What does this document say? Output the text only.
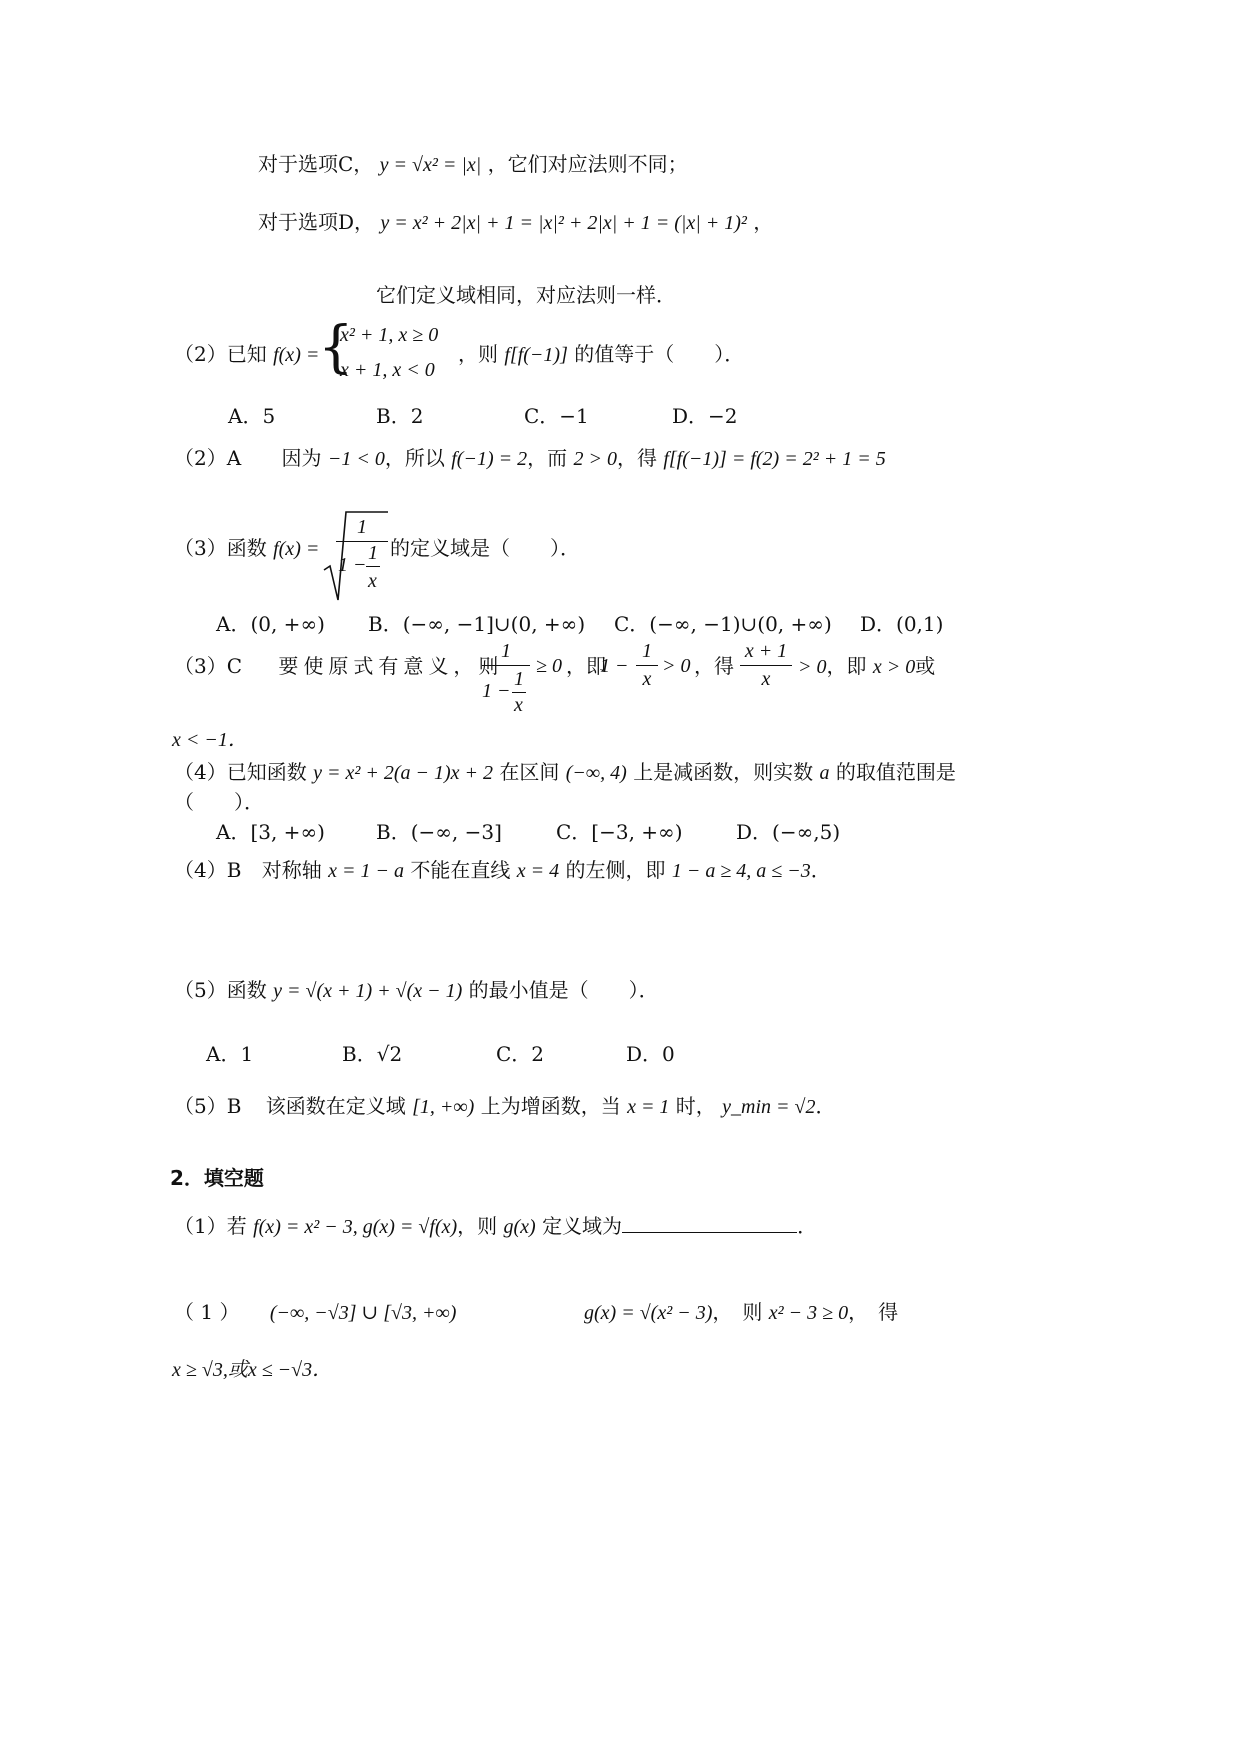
对于选项C， y = √x² = |x| ，它们对应法则不同；
对于选项D， y = x² + 2|x| + 1 = |x|² + 2|x| + 1 = (|x| + 1)² ，
它们定义域相同，对应法则一样．
（2）已知 f(x) =
{
x² + 1, x ≥ 0
x + 1, x < 0
，则 f[f(−1)] 的值等于（　　）．
A．5	B．2	C．−1	D．−2
（2）A 因为 −1 < 0，所以 f(−1) = 2，而 2 > 0，得 f[f(−1)] = f(2) = 2² + 1 = 5
（3）函数 f(x) =
1
1 −
1
x
的定义域是（　　）．
A．(0, +∞) B．(−∞, −1]∪(0, +∞) C．(−∞, −1)∪(0, +∞) D．(0,1)
（3）C 要使原式有意义，则
1
1 −
1
x
≥ 0 ，即
1 −
1
x
> 0 ，得
x + 1
x
> 0，即 x > 0或
x < −1．
（4）已知函数 y = x² + 2(a − 1)x + 2 在区间 (−∞, 4) 上是减函数，则实数 a 的取值范围是
（　　）．
A．[3, +∞)	B．(−∞, −3]	C．[−3, +∞)	D．(−∞,5)
（4）B 对称轴 x = 1 − a 不能在直线 x = 4 的左侧，即 1 − a ≥ 4, a ≤ −3．
（5）函数 y = √(x + 1) + √(x − 1) 的最小值是（　　）．
A．1	B．√2	C．2	D．0
（5）B 该函数在定义域 [1, +∞) 上为增函数，当 x = 1 时， y_min = √2．
2．填空题
（1）若 f(x) = x² − 3, g(x) = √f(x)，则 g(x) 定义域为	．
（ 1 ） (−∞, −√3] ∪ [√3, +∞)	g(x) = √(x² − 3)，　则 x² − 3 ≥ 0，　得
x ≥ √3,或x ≤ −√3．
